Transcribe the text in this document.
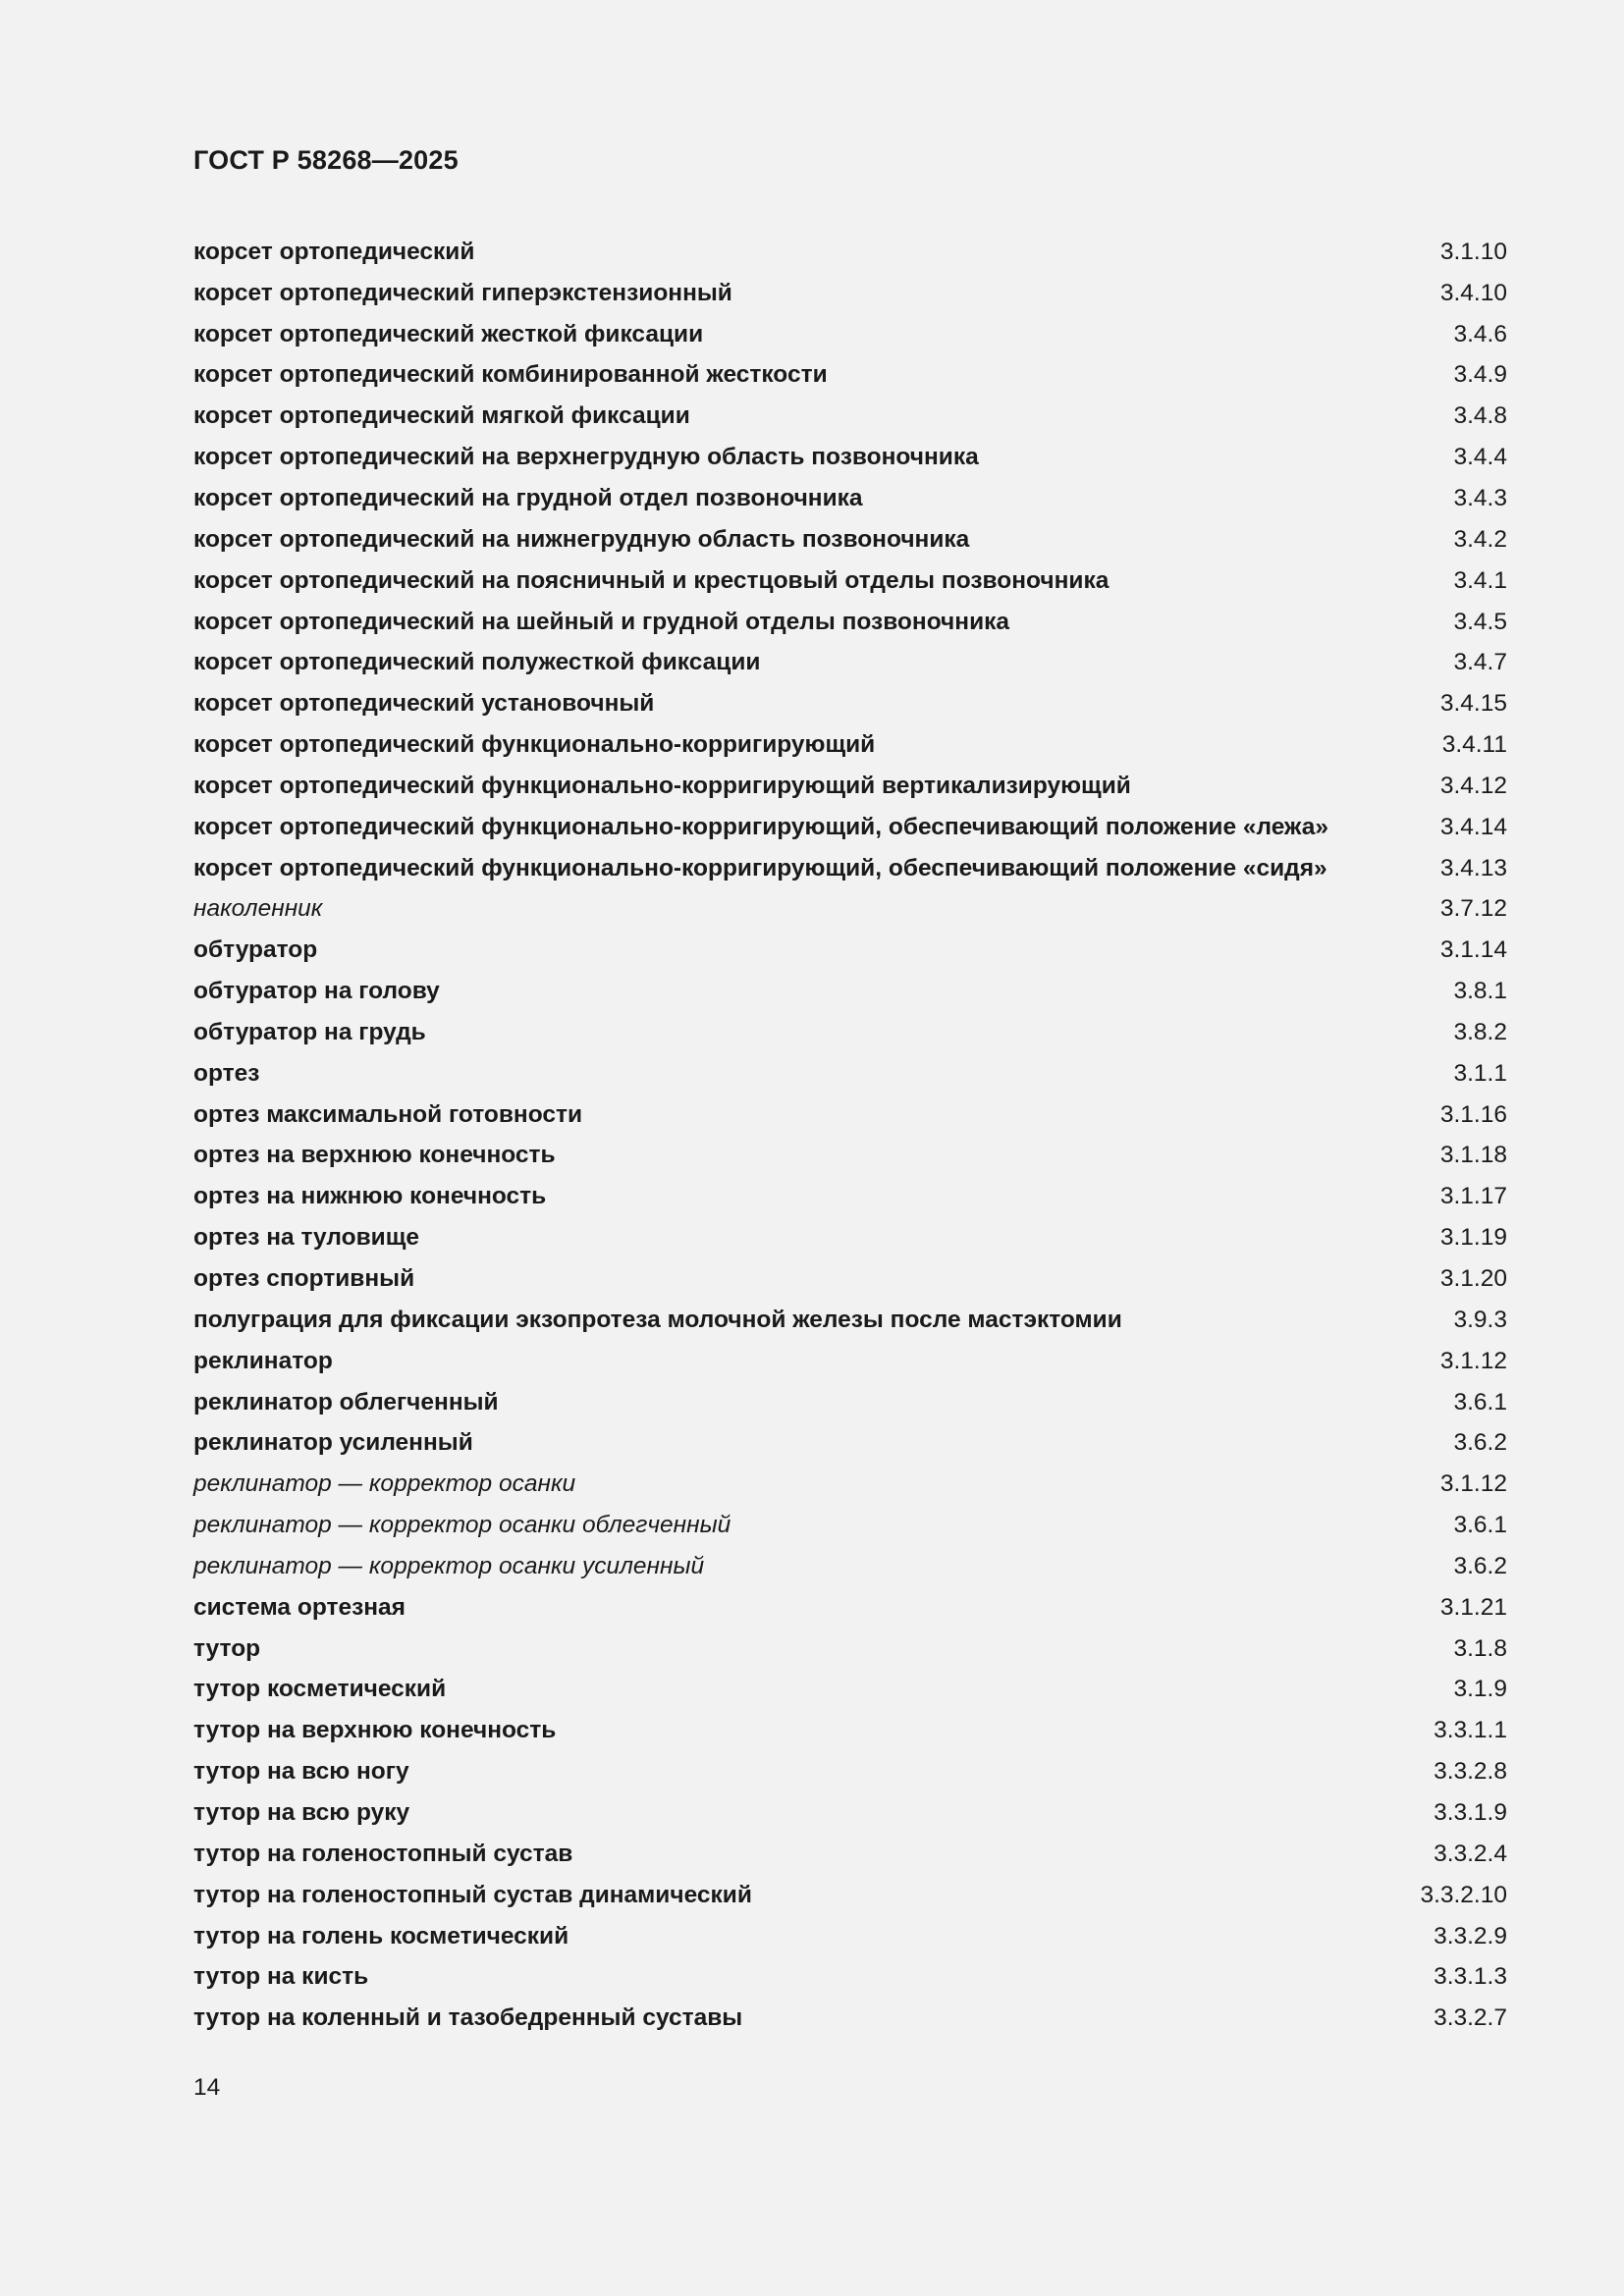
ГОСТ Р 58268—2025
корсет ортопедический	3.1.10
корсет ортопедический гиперэкстензионный	3.4.10
корсет ортопедический жесткой фиксации	3.4.6
корсет ортопедический комбинированной жесткости	3.4.9
корсет ортопедический мягкой фиксации	3.4.8
корсет ортопедический на верхнегрудную область позвоночника	3.4.4
корсет ортопедический на грудной отдел позвоночника	3.4.3
корсет ортопедический на нижнегрудную область позвоночника	3.4.2
корсет ортопедический на поясничный и крестцовый отделы позвоночника	3.4.1
корсет ортопедический на шейный и грудной отделы позвоночника	3.4.5
корсет ортопедический полужесткой фиксации	3.4.7
корсет ортопедический установочный	3.4.15
корсет ортопедический функционально-корригирующий	3.4.11
корсет ортопедический функционально-корригирующий вертикализирующий	3.4.12
корсет ортопедический функционально-корригирующий, обеспечивающий положение «лежа»	3.4.14
корсет ортопедический функционально-корригирующий, обеспечивающий положение «сидя»	3.4.13
наколенник	3.7.12
обтуратор	3.1.14
обтуратор на голову	3.8.1
обтуратор на грудь	3.8.2
ортез	3.1.1
ортез максимальной готовности	3.1.16
ортез на верхнюю конечность	3.1.18
ортез на нижнюю конечность	3.1.17
ортез на туловище	3.1.19
ортез спортивный	3.1.20
полуграция для фиксации экзопротеза молочной железы после мастэктомии	3.9.3
реклинатор	3.1.12
реклинатор облегченный	3.6.1
реклинатор усиленный	3.6.2
реклинатор — корректор осанки	3.1.12
реклинатор — корректор осанки облегченный	3.6.1
реклинатор — корректор осанки усиленный	3.6.2
система ортезная	3.1.21
тутор	3.1.8
тутор косметический	3.1.9
тутор на верхнюю конечность	3.3.1.1
тутор на всю ногу	3.3.2.8
тутор на всю руку	3.3.1.9
тутор на голеностопный сустав	3.3.2.4
тутор на голеностопный сустав динамический	3.3.2.10
тутор на голень косметический	3.3.2.9
тутор на кисть	3.3.1.3
тутор на коленный и тазобедренный суставы	3.3.2.7
14
